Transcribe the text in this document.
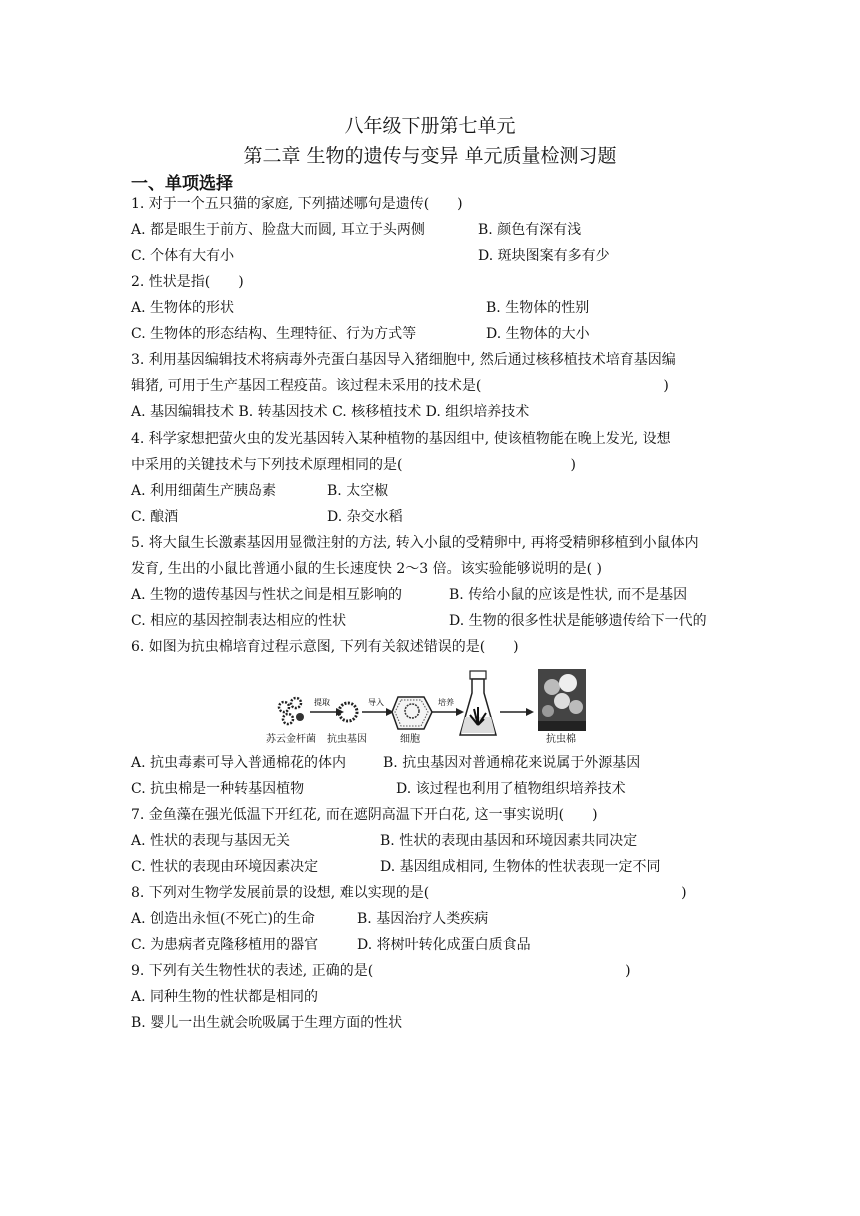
八年级下册第七单元
第二章 生物的遗传与变异 单元质量检测习题
一、单项选择
1. 对于一个五只猫的家庭, 下列描述哪句是遗传(　　)
A. 都是眼生于前方、脸盘大而圆, 耳立于头两侧	B. 颜色有深有浅
C. 个体有大有小	D. 斑块图案有多有少
2. 性状是指(　　)
A. 生物体的形状	B. 生物体的性别
C. 生物体的形态结构、生理特征、行为方式等	D. 生物体的大小
3. 利用基因编辑技术将病毒外壳蛋白基因导入猪细胞中, 然后通过核移植技术培育基因编
辑猪, 可用于生产基因工程疫苗。该过程未采用的技术是(　　　　　　　　　　　　　)
A. 基因编辑技术 B. 转基因技术 C. 核移植技术 D. 组织培养技术
4. 科学家想把萤火虫的发光基因转入某种植物的基因组中, 使该植物能在晚上发光, 设想
中采用的关键技术与下列技术原理相同的是(　　　　　　　　　　　　)
A. 利用细菌生产胰岛素	B. 太空椒
C. 酿酒	D. 杂交水稻
5. 将大鼠生长激素基因用显微注射的方法, 转入小鼠的受精卵中, 再将受精卵移植到小鼠体内
发育, 生出的小鼠比普通小鼠的生长速度快 2～3 倍。该实验能够说明的是( )
A. 生物的遗传基因与性状之间是相互影响的	B. 传给小鼠的应该是性状, 而不是基因
C. 相应的基因控制表达相应的性状	D. 生物的很多性状是能够遗传给下一代的
6. 如图为抗虫棉培育过程示意图, 下列有关叙述错误的是(　　)
提取	导入	培养
苏云金杆菌 抗虫基因	细胞	抗虫棉
A. 抗虫毒素可导入普通棉花的体内	B. 抗虫基因对普通棉花来说属于外源基因
C. 抗虫棉是一种转基因植物	D. 该过程也利用了植物组织培养技术
7. 金鱼藻在强光低温下开红花, 而在遮阴高温下开白花, 这一事实说明(　　)
A. 性状的表现与基因无关	B. 性状的表现由基因和环境因素共同决定
C. 性状的表现由环境因素决定	D. 基因组成相同, 生物体的性状表现一定不同
8. 下列对生物学发展前景的设想, 难以实现的是(　　　　　　　　　　　　　　　　　　)
A. 创造出永恒(不死亡)的生命	B. 基因治疗人类疾病
C. 为患病者克隆移植用的器官	D. 将树叶转化成蛋白质食品
9. 下列有关生物性状的表述, 正确的是(　　　　　　　　　　　　　　　　　　)
A. 同种生物的性状都是相同的
B. 婴儿一出生就会吮吸属于生理方面的性状
